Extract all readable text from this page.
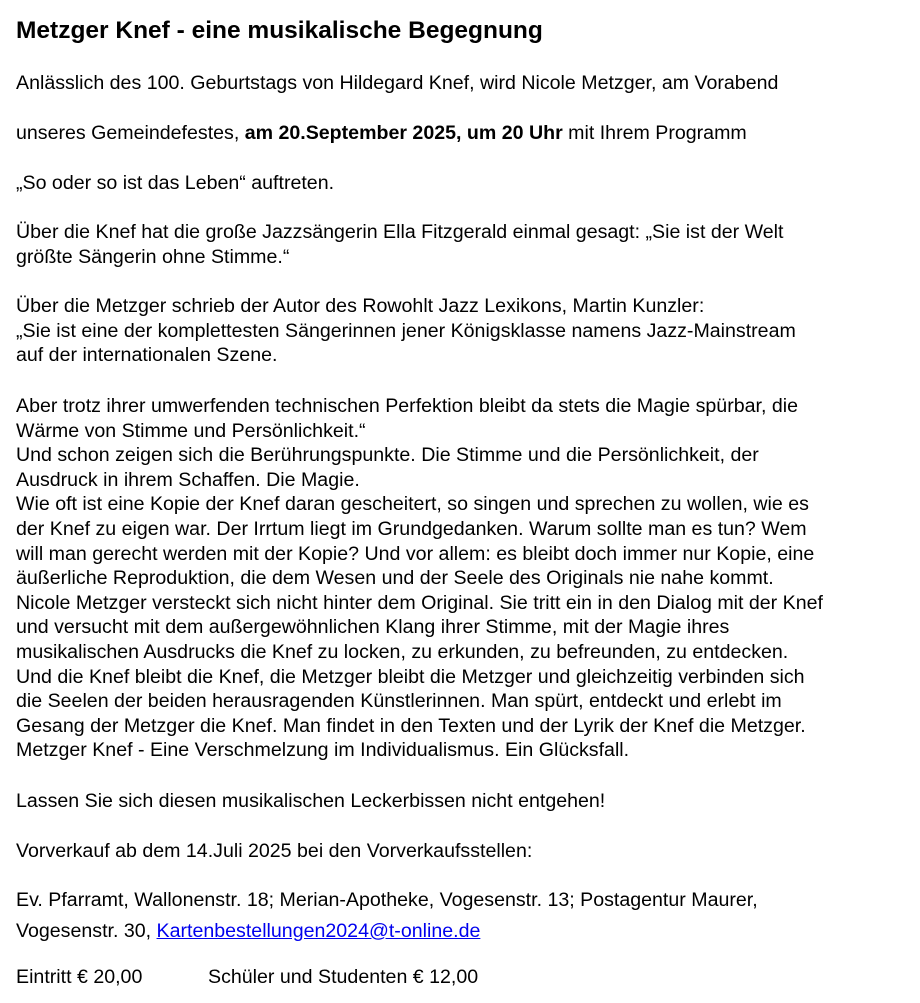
Metzger Knef - eine musikalische Begegnung
Anlässlich des 100. Geburtstags von Hildegard Knef, wird Nicole Metzger, am Vorabend
unseres Gemeindefestes, am 20.September 2025, um 20 Uhr mit Ihrem Programm
„So oder so ist das Leben“ auftreten.
Über die Knef hat die große Jazzsängerin Ella Fitzgerald einmal gesagt: „Sie ist der Welt
größte Sängerin ohne Stimme.“
Über die Metzger schrieb der Autor des Rowohlt Jazz Lexikons, Martin Kunzler:
„Sie ist eine der komplettesten Sängerinnen jener Königsklasse namens Jazz-Mainstream
auf der internationalen Szene.
Aber trotz ihrer umwerfenden technischen Perfektion bleibt da stets die Magie spürbar, die
Wärme von Stimme und Persönlichkeit.“
Und schon zeigen sich die Berührungspunkte. Die Stimme und die Persönlichkeit, der
Ausdruck in ihrem Schaffen. Die Magie.
Wie oft ist eine Kopie der Knef daran gescheitert, so singen und sprechen zu wollen, wie es
der Knef zu eigen war. Der Irrtum liegt im Grundgedanken. Warum sollte man es tun? Wem
will man gerecht werden mit der Kopie? Und vor allem: es bleibt doch immer nur Kopie, eine
äußerliche Reproduktion, die dem Wesen und der Seele des Originals nie nahe kommt.
Nicole Metzger versteckt sich nicht hinter dem Original. Sie tritt ein in den Dialog mit der Knef
und versucht mit dem außergewöhnlichen Klang ihrer Stimme, mit der Magie ihres
musikalischen Ausdrucks die Knef zu locken, zu erkunden, zu befreunden, zu entdecken.
Und die Knef bleibt die Knef, die Metzger bleibt die Metzger und gleichzeitig verbinden sich
die Seelen der beiden herausragenden Künstlerinnen. Man spürt, entdeckt und erlebt im
Gesang der Metzger die Knef. Man findet in den Texten und der Lyrik der Knef die Metzger.
Metzger Knef - Eine Verschmelzung im Individualismus. Ein Glücksfall.
Lassen Sie sich diesen musikalischen Leckerbissen nicht entgehen!
Vorverkauf ab dem 14.Juli 2025 bei den Vorverkaufsstellen:
Ev. Pfarramt, Wallonenstr. 18; Merian-Apotheke, Vogesenstr. 13; Postagentur Maurer,
Vogesenstr. 30, Kartenbestellungen2024@t-online.de
Eintritt € 20,00	Schüler und Studenten € 12,00
